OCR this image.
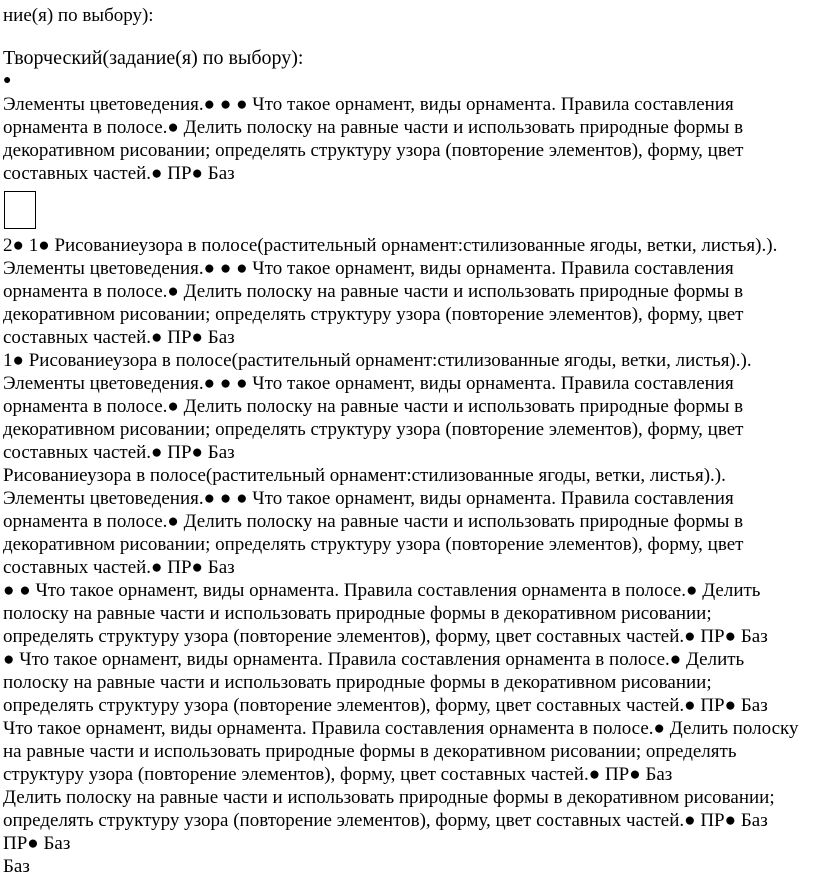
ние(я) по выбору):
Творческий(задание(я) по выбору):
●
Элементы цветоведения.● ● ● Что такое орнамент, виды орнамента. Правила составления
орнамента в полосе.● Делить полоску на равные части и использовать природные формы в
декоративном рисовании; определять структуру узора (повторение элементов), форму, цвет
составных частей.● ПР● Баз
2● 1● Рисованиеузора в полосе(растительный орнамент:стилизованные ягоды, ветки, листья).).
Элементы цветоведения.● ● ● Что такое орнамент, виды орнамента. Правила составления
орнамента в полосе.● Делить полоску на равные части и использовать природные формы в
декоративном рисовании; определять структуру узора (повторение элементов), форму, цвет
составных частей.● ПР● Баз
1● Рисованиеузора в полосе(растительный орнамент:стилизованные ягоды, ветки, листья).).
Элементы цветоведения.● ● ● Что такое орнамент, виды орнамента. Правила составления
орнамента в полосе.● Делить полоску на равные части и использовать природные формы в
декоративном рисовании; определять структуру узора (повторение элементов), форму, цвет
составных частей.● ПР● Баз
Рисованиеузора в полосе(растительный орнамент:стилизованные ягоды, ветки, листья).).
Элементы цветоведения.● ● ● Что такое орнамент, виды орнамента. Правила составления
орнамента в полосе.● Делить полоску на равные части и использовать природные формы в
декоративном рисовании; определять структуру узора (повторение элементов), форму, цвет
составных частей.● ПР● Баз
● ● Что такое орнамент, виды орнамента. Правила составления орнамента в полосе.● Делить
полоску на равные части и использовать природные формы в декоративном рисовании;
определять структуру узора (повторение элементов), форму, цвет составных частей.● ПР● Баз
● Что такое орнамент, виды орнамента. Правила составления орнамента в полосе.● Делить
полоску на равные части и использовать природные формы в декоративном рисовании;
определять структуру узора (повторение элементов), форму, цвет составных частей.● ПР● Баз
Что такое орнамент, виды орнамента. Правила составления орнамента в полосе.● Делить полоску
на равные части и использовать природные формы в декоративном рисовании; определять
структуру узора (повторение элементов), форму, цвет составных частей.● ПР● Баз
Делить полоску на равные части и использовать природные формы в декоративном рисовании;
определять структуру узора (повторение элементов), форму, цвет составных частей.● ПР● Баз
ПР● Баз
Баз
